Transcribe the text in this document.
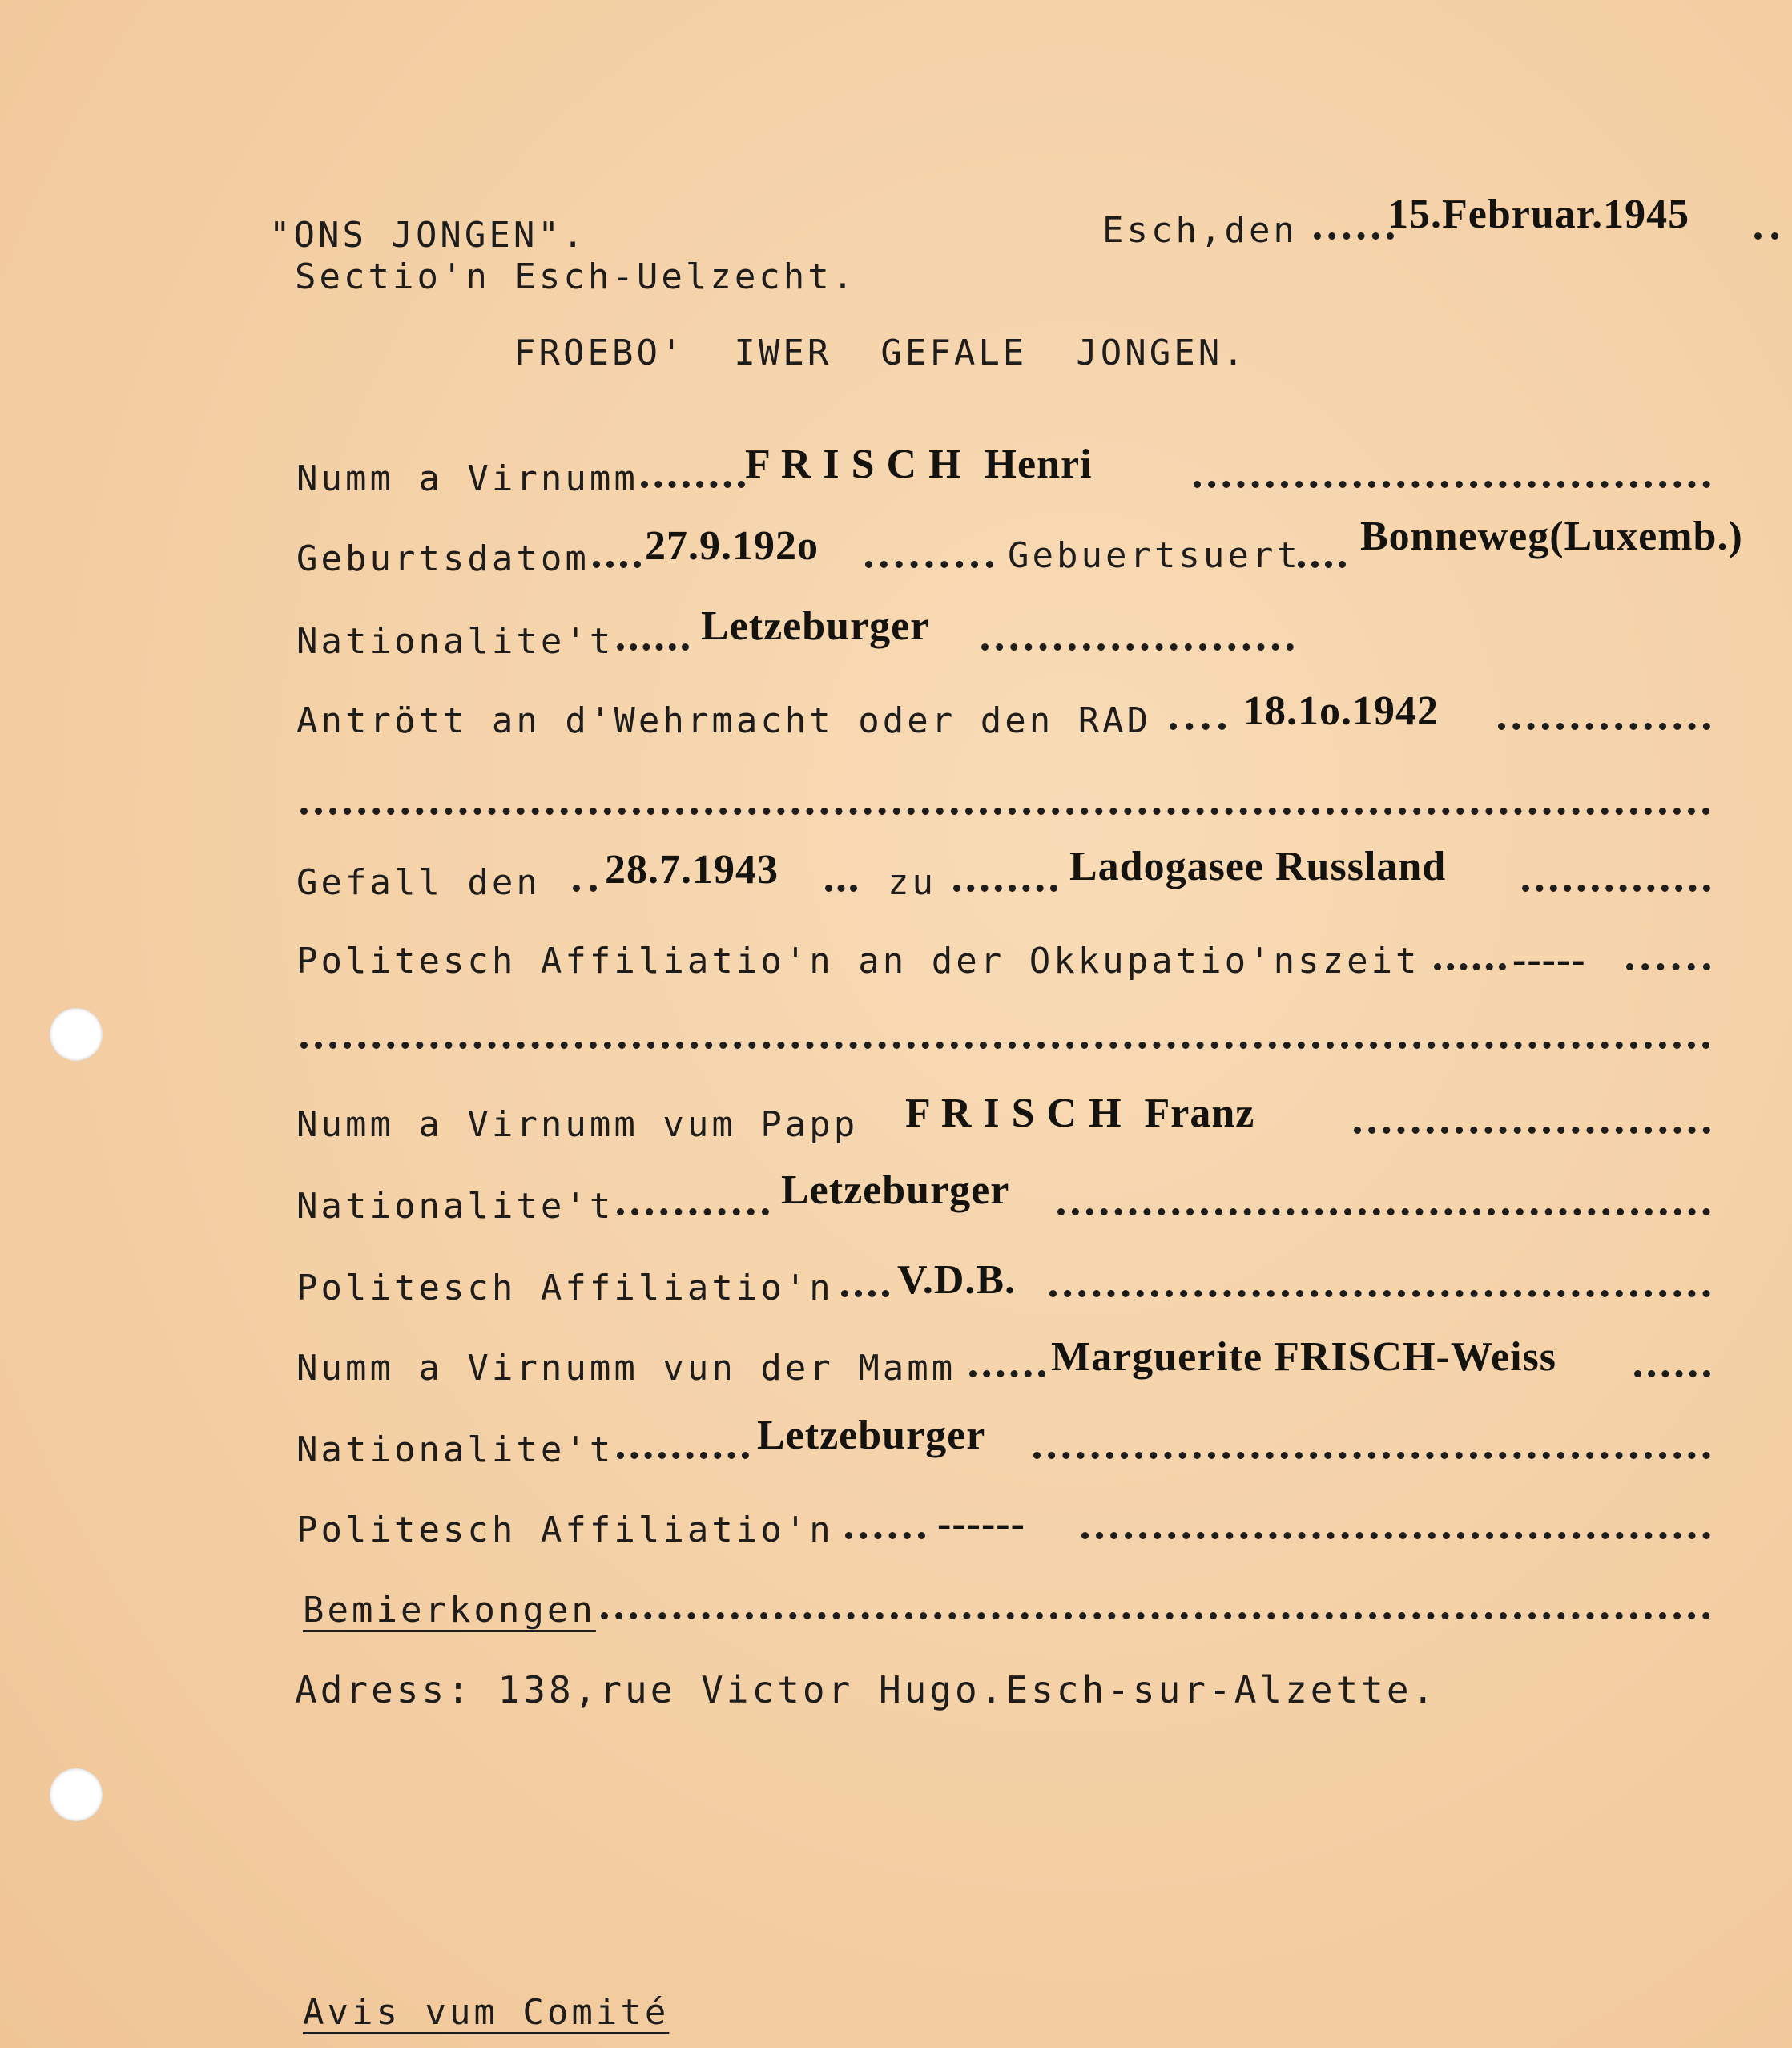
"ONS JONGEN".
Sectio'n Esch-Uelzecht.
Esch,den 15.Februar.1945
FROEBO'  IWER  GEFALE  JONGEN.
Numm a Virnumm	F R I S C H  Henri
Geburtsdatom 27.9.192o	Gebuertsuert Bonneweg(Luxemb.)
Nationalite't Letzeburger
Antrött an d'Wehrmacht oder den RAD 18.1o.1942
Gefall den 28.7.1943	zu	Ladogasee Russland
Politesch Affiliatio'n an der Okkupatio'nszeit -----
Numm a Virnumm vum Papp F R I S C H  Franz
Nationalite't	Letzeburger
Politesch Affiliatio'n V.D.B.
Numm a Virnumm vun der Mamm Marguerite FRISCH-Weiss
Nationalite't	Letzeburger
Politesch Affiliatio'n ------
Bemierkongen
Adress: 138,rue Victor Hugo.Esch-sur-Alzette.
Avis vum Comité
